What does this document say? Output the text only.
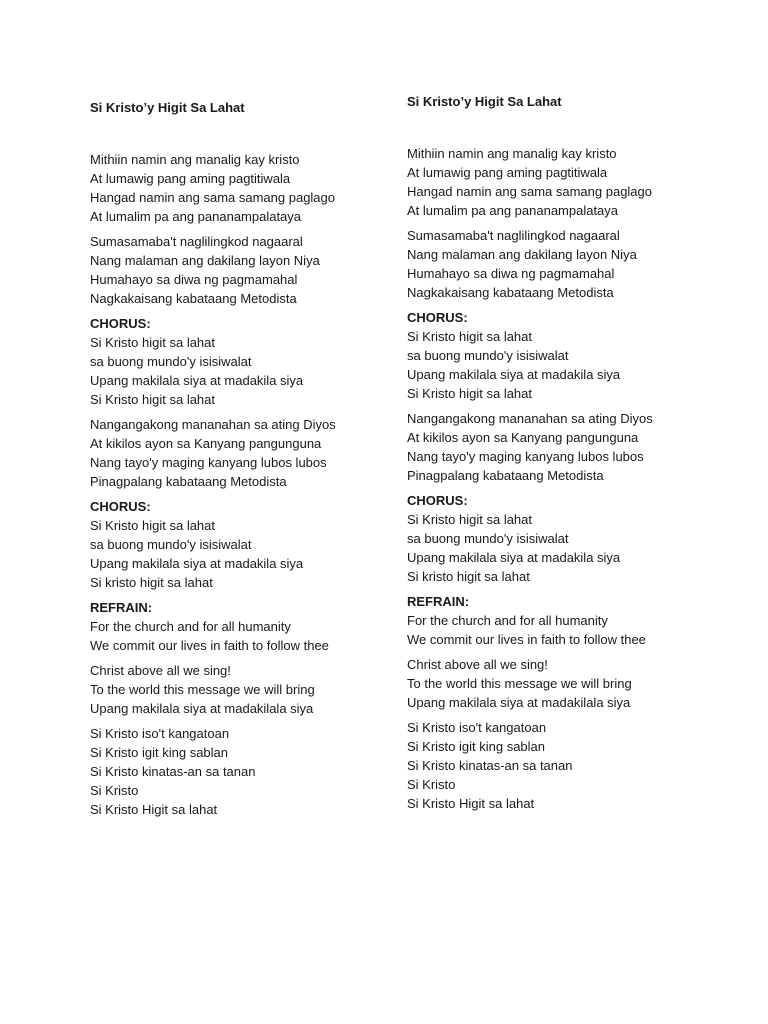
Si Kristo’y Higit Sa Lahat
Mithiin namin ang manalig kay kristo
At lumawig pang aming pagtitiwala
Hangad namin ang sama samang paglago
At lumalim pa ang pananampalataya
Sumasamaba't naglilingkod nagaaral
Nang malaman ang dakilang layon Niya
Humahayo sa diwa ng pagmamahal
Nagkakaisang kabataang Metodista
CHORUS:
Si Kristo higit sa lahat
sa buong mundo'y isisiwalat
Upang makilala siya at madakila siya
Si Kristo higit sa lahat
Nangangakong mananahan sa ating Diyos
At kikilos ayon sa Kanyang pangunguna
Nang tayo'y maging kanyang lubos lubos
Pinagpalang kabataang Metodista
CHORUS:
Si Kristo higit sa lahat
sa buong mundo'y isisiwalat
Upang makilala siya at madakila siya
Si kristo higit sa lahat
REFRAIN:
For the church and for all humanity
We commit our lives in faith to follow thee
Christ above all we sing!
To the world this message we will bring
Upang makilala siya at madakilala siya
Si Kristo iso't kangatoan
Si Kristo igit king sablan
Si Kristo kinatas-an sa tanan
Si Kristo
Si Kristo Higit sa lahat
Si Kristo’y Higit Sa Lahat
Mithiin namin ang manalig kay kristo
At lumawig pang aming pagtitiwala
Hangad namin ang sama samang paglago
At lumalim pa ang pananampalataya
Sumasamaba't naglilingkod nagaaral
Nang malaman ang dakilang layon Niya
Humahayo sa diwa ng pagmamahal
Nagkakaisang kabataang Metodista
CHORUS:
Si Kristo higit sa lahat
sa buong mundo'y isisiwalat
Upang makilala siya at madakila siya
Si Kristo higit sa lahat
Nangangakong mananahan sa ating Diyos
At kikilos ayon sa Kanyang pangunguna
Nang tayo'y maging kanyang lubos lubos
Pinagpalang kabataang Metodista
CHORUS:
Si Kristo higit sa lahat
sa buong mundo'y isisiwalat
Upang makilala siya at madakila siya
Si kristo higit sa lahat
REFRAIN:
For the church and for all humanity
We commit our lives in faith to follow thee
Christ above all we sing!
To the world this message we will bring
Upang makilala siya at madakilala siya
Si Kristo iso't kangatoan
Si Kristo igit king sablan
Si Kristo kinatas-an sa tanan
Si Kristo
Si Kristo Higit sa lahat
